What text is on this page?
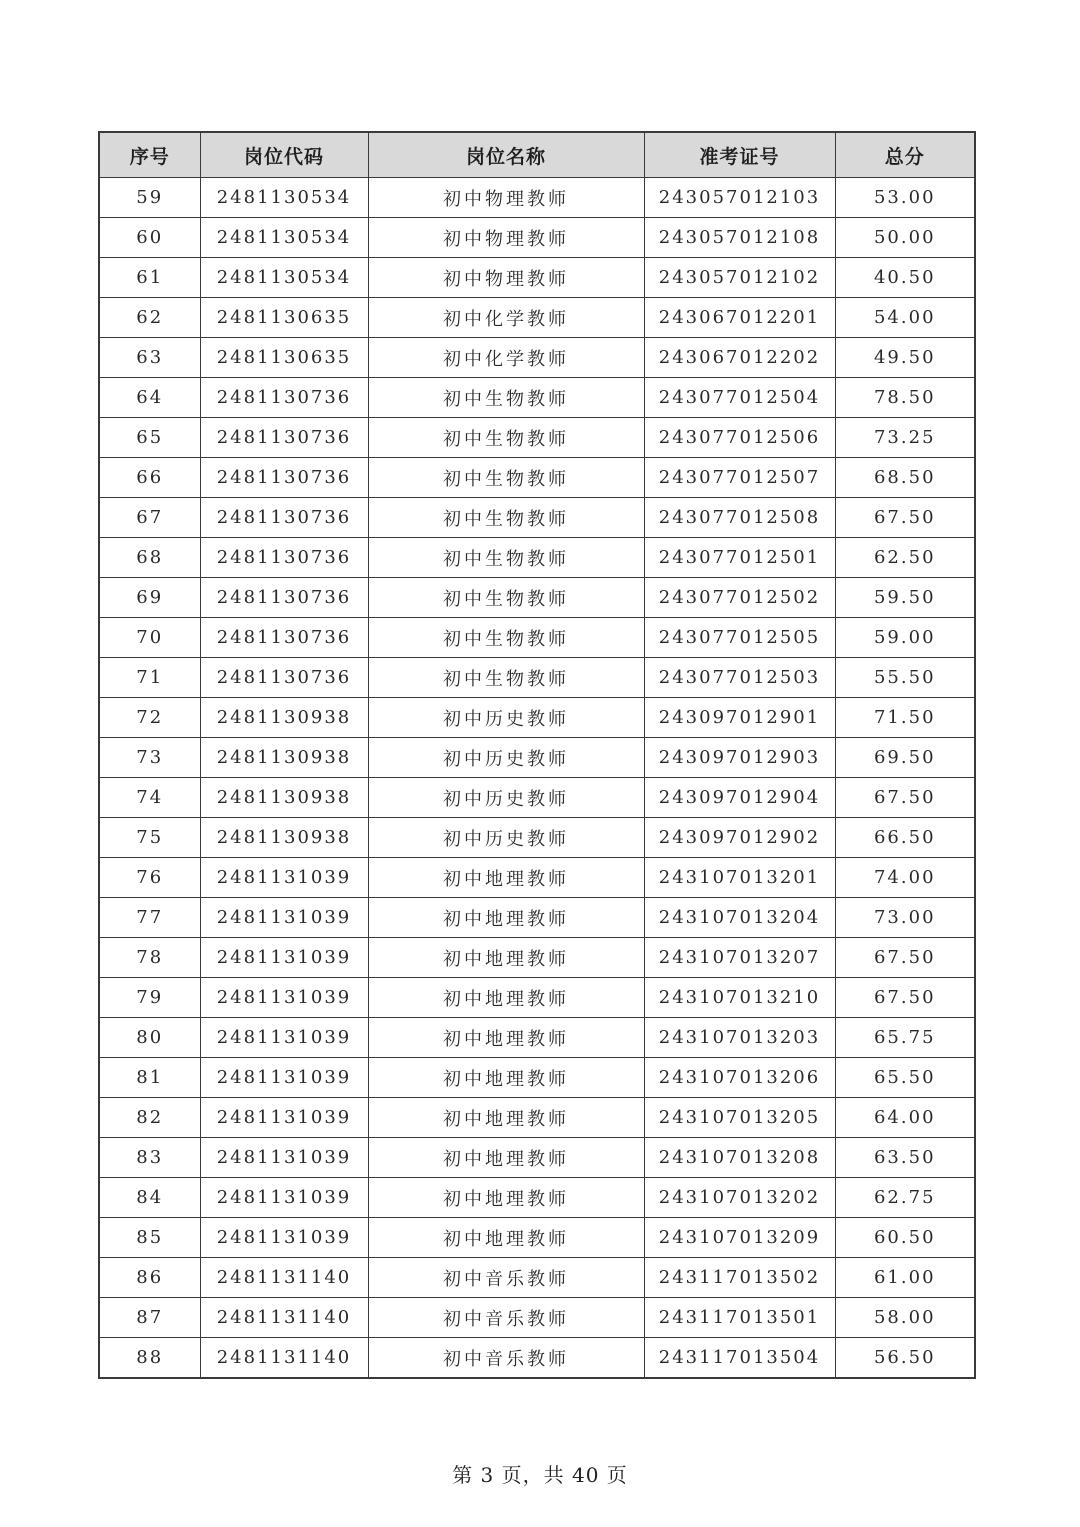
序号	岗位代码	岗位名称	准考证号	总分
59	2481130534	初中物理教师	243057012103	53.00
60	2481130534	初中物理教师	243057012108	50.00
61	2481130534	初中物理教师	243057012102	40.50
62	2481130635	初中化学教师	243067012201	54.00
63	2481130635	初中化学教师	243067012202	49.50
64	2481130736	初中生物教师	243077012504	78.50
65	2481130736	初中生物教师	243077012506	73.25
66	2481130736	初中生物教师	243077012507	68.50
67	2481130736	初中生物教师	243077012508	67.50
68	2481130736	初中生物教师	243077012501	62.50
69	2481130736	初中生物教师	243077012502	59.50
70	2481130736	初中生物教师	243077012505	59.00
71	2481130736	初中生物教师	243077012503	55.50
72	2481130938	初中历史教师	243097012901	71.50
73	2481130938	初中历史教师	243097012903	69.50
74	2481130938	初中历史教师	243097012904	67.50
75	2481130938	初中历史教师	243097012902	66.50
76	2481131039	初中地理教师	243107013201	74.00
77	2481131039	初中地理教师	243107013204	73.00
78	2481131039	初中地理教师	243107013207	67.50
79	2481131039	初中地理教师	243107013210	67.50
80	2481131039	初中地理教师	243107013203	65.75
81	2481131039	初中地理教师	243107013206	65.50
82	2481131039	初中地理教师	243107013205	64.00
83	2481131039	初中地理教师	243107013208	63.50
84	2481131039	初中地理教师	243107013202	62.75
85	2481131039	初中地理教师	243107013209	60.50
86	2481131140	初中音乐教师	243117013502	61.00
87	2481131140	初中音乐教师	243117013501	58.00
88	2481131140	初中音乐教师	243117013504	56.50
第 3 页，共 40 页
